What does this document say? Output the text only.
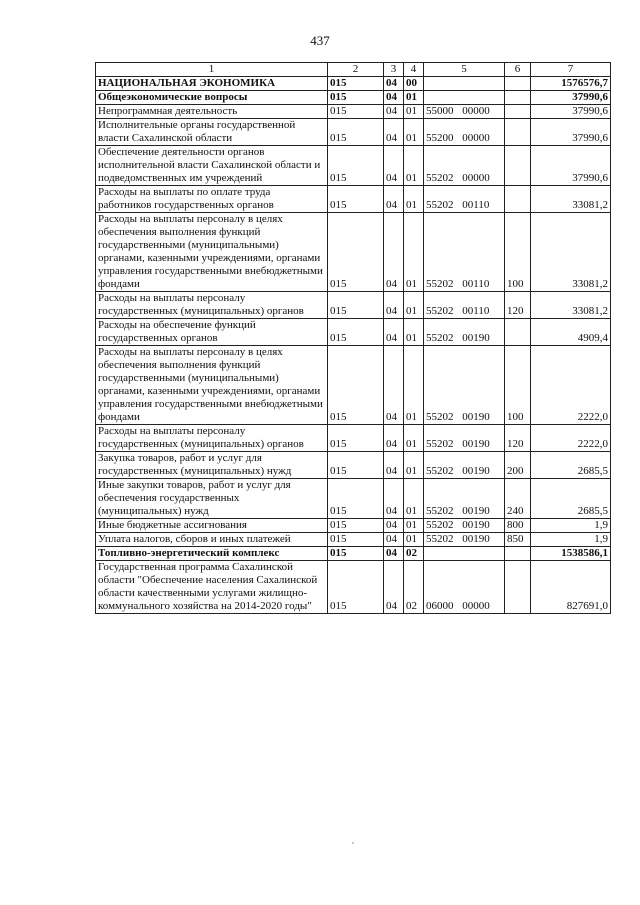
437
1	2	3	4	5	6	7
НАЦИОНАЛЬНАЯ ЭКОНОМИКА	015	04	00			1576576,7
Общеэкономические вопросы	015	04	01			37990,6
Непрограммная деятельность	015	04	01	55000 00000		37990,6
Исполнительные органы государственной власти Сахалинской области	015	04	01	55200 00000		37990,6
Обеспечение деятельности органов исполнительной власти Сахалинской области и подведомственных им учреждений	015	04	01	55202 00000		37990,6
Расходы на выплаты по оплате труда работников государственных органов	015	04	01	55202 00110		33081,2
Расходы на выплаты персоналу в целях обеспечения выполнения функций государственными (муниципальными) органами, казенными учреждениями, органами управления государственными внебюджетными фондами	015	04	01	55202 00110	100	33081,2
Расходы на выплаты персоналу государственных (муниципальных) органов	015	04	01	55202 00110	120	33081,2
Расходы на обеспечение функций государственных органов	015	04	01	55202 00190		4909,4
Расходы на выплаты персоналу в целях обеспечения выполнения функций государственными (муниципальными) органами, казенными учреждениями, органами управления государственными внебюджетными фондами	015	04	01	55202 00190	100	2222,0
Расходы на выплаты персоналу государственных (муниципальных) органов	015	04	01	55202 00190	120	2222,0
Закупка товаров, работ и услуг для государственных (муниципальных) нужд	015	04	01	55202 00190	200	2685,5
Иные закупки товаров, работ и услуг для обеспечения государственных (муниципальных) нужд	015	04	01	55202 00190	240	2685,5
Иные бюджетные ассигнования	015	04	01	55202 00190	800	1,9
Уплата налогов, сборов и иных платежей	015	04	01	55202 00190	850	1,9
Топливно-энергетический комплекс	015	04	02			1538586,1
Государственная программа Сахалинской области "Обеспечение населения Сахалинской области качественными услугами жилищно-коммунального хозяйства на 2014-2020 годы"	015	04	02	06000 00000		827691,0
